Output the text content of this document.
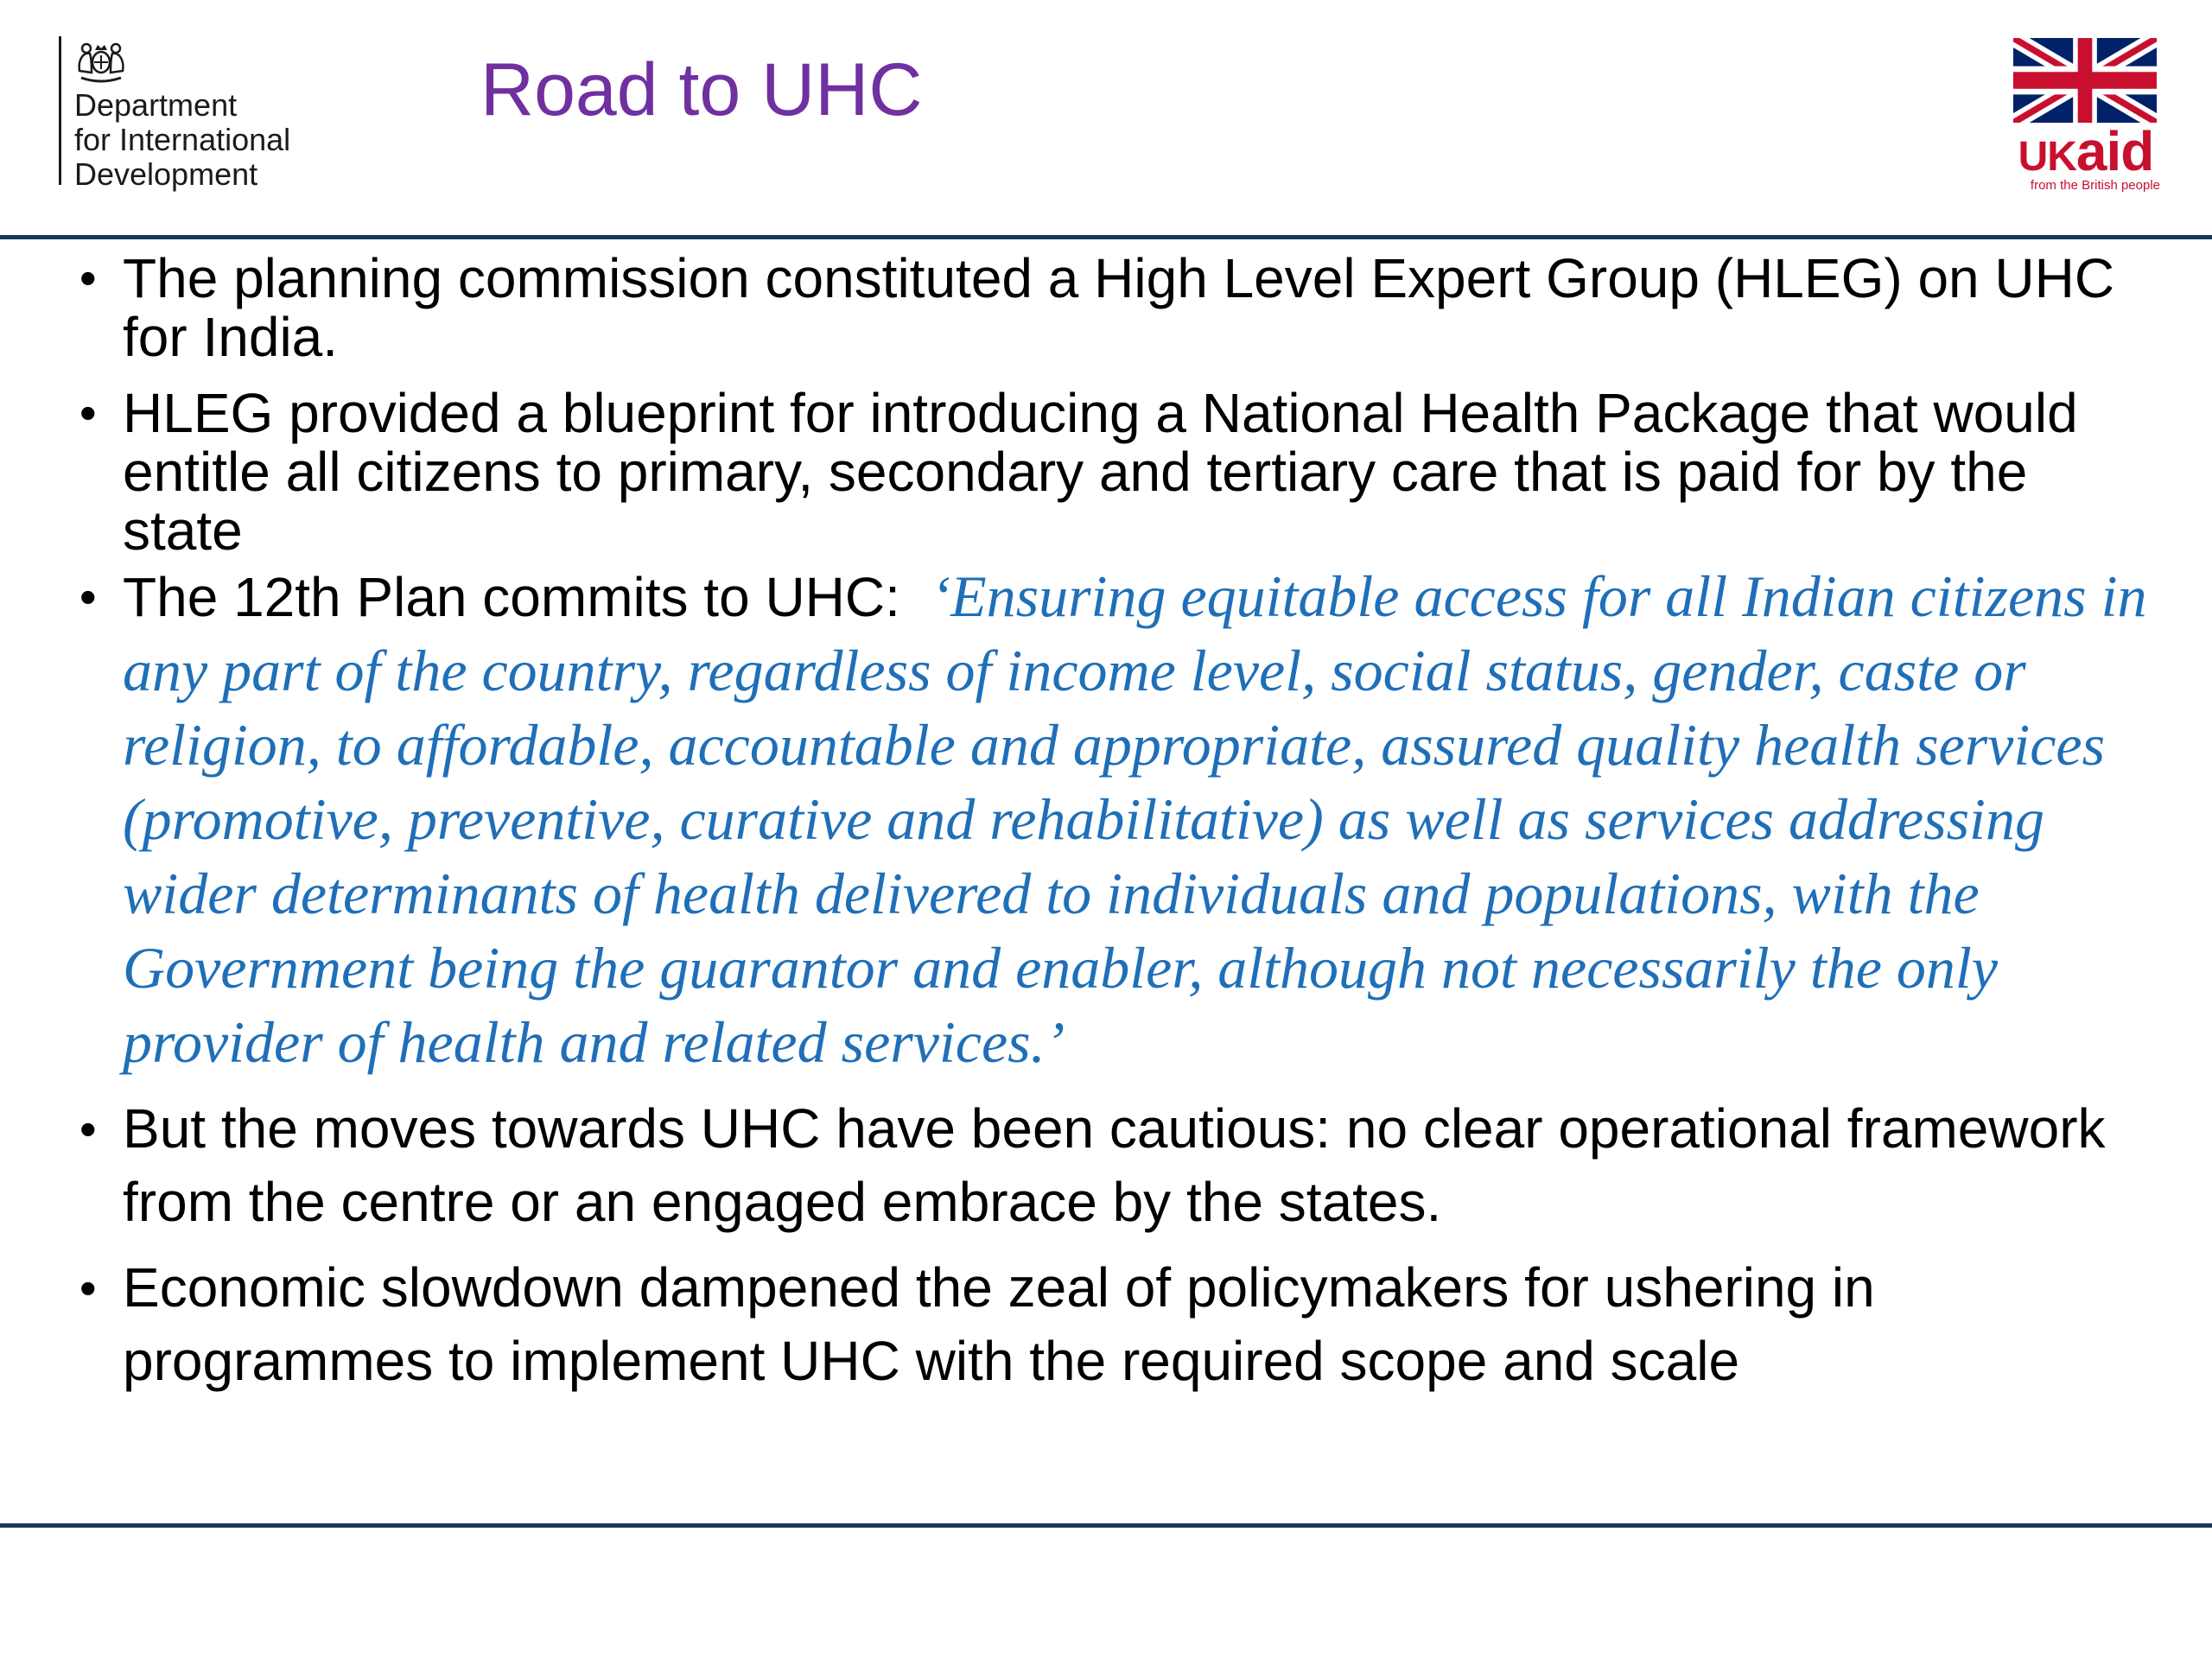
Department
for International
Development

Road to UHC
UKaid
from the British people
• The planning commission constituted a High Level Expert Group (HLEG) on UHC for India.
• HLEG provided a blueprint for introducing a National Health Package that would entitle all citizens to primary, secondary and tertiary care that is paid for by the state
• The 12th Plan commits to UHC: ‘Ensuring equitable access for all Indian citizens in any part of the country, regardless of income level, social status, gender, caste or religion, to affordable, accountable and appropriate, assured quality health services (promotive, preventive, curative and rehabilitative) as well as services addressing wider determinants of health delivered to individuals and populations, with the Government being the guarantor and enabler, although not necessarily the only provider of health and related services.’
• But the moves towards UHC have been cautious: no clear operational framework from the centre or an engaged embrace by the states.
• Economic slowdown dampened the zeal of policymakers for ushering in programmes to implement UHC with the required scope and scale
